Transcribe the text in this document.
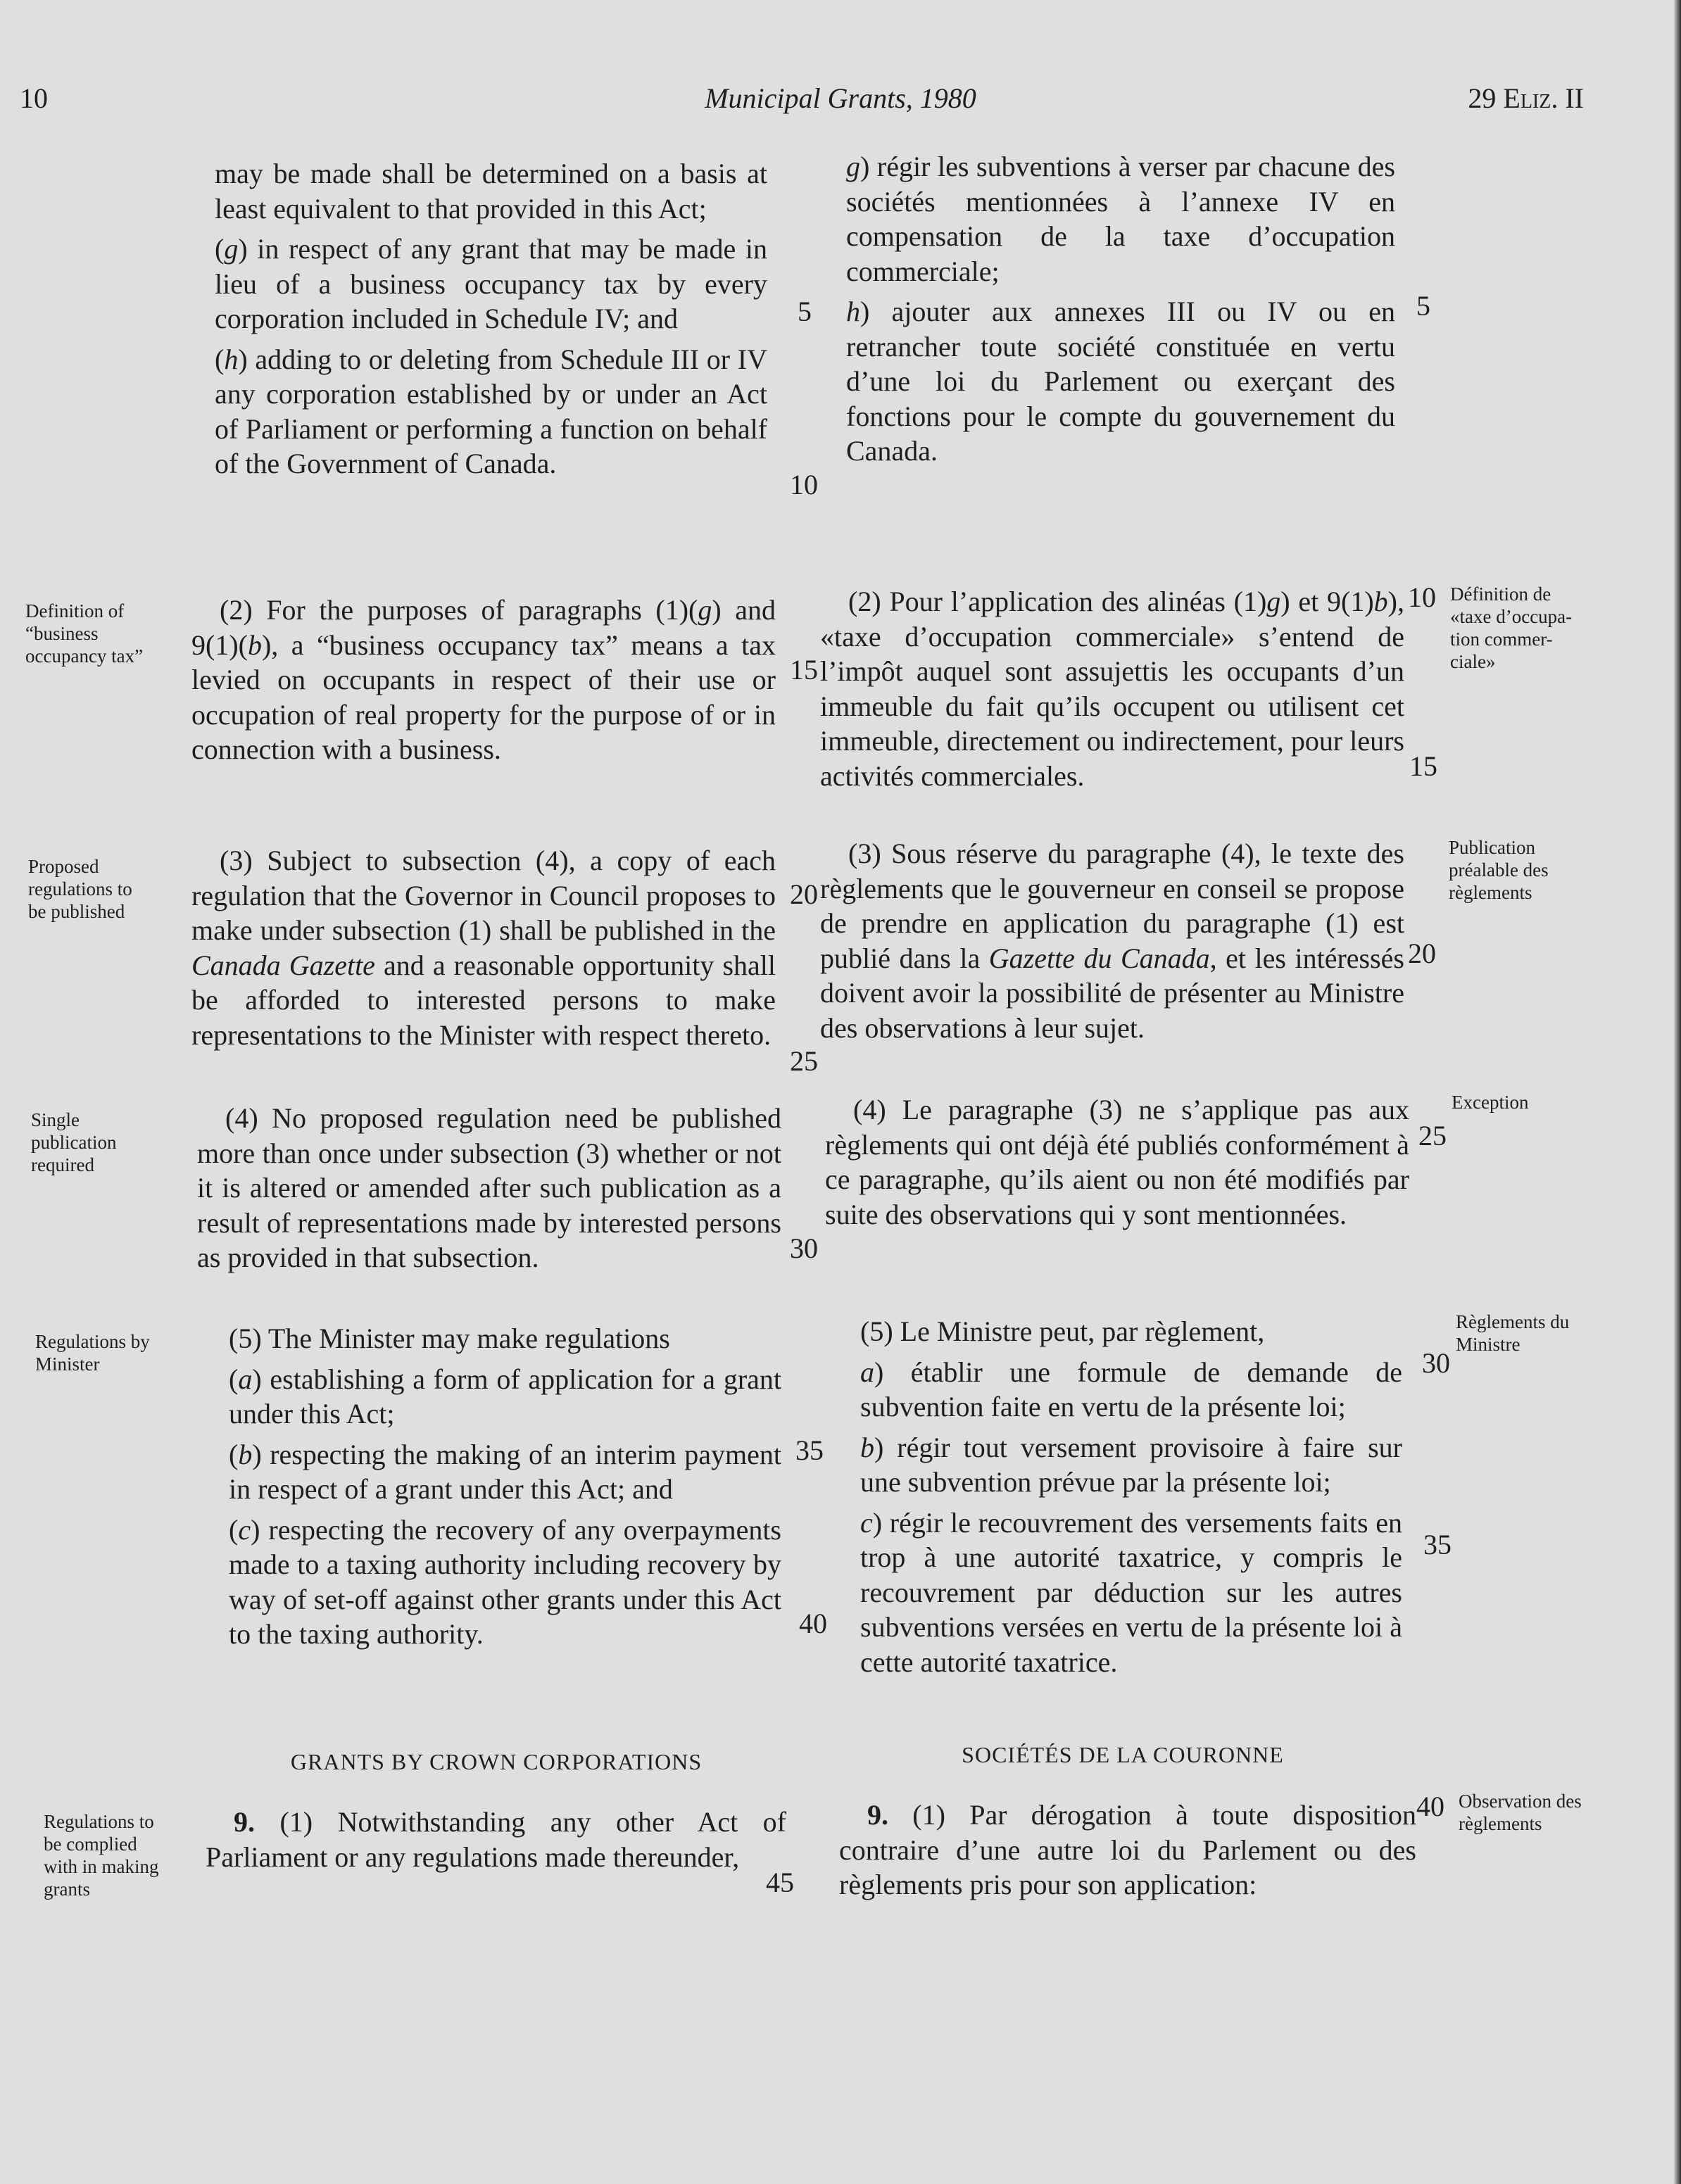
10	Municipal Grants, 1980	29 Eliz. II

may be made shall be determined on a basis at least equivalent to that provided in this Act;

(g) in respect of any grant that may be made in lieu of a business occupancy tax by every corporation included in Schedule IV; and

(h) adding to or deleting from Schedule III or IV any corporation established by or under an Act of Parliament or performing a function on behalf of the Government of Canada.

(2) For the purposes of paragraphs (1)(g) and 9(1)(b), a “business occupancy tax” means a tax levied on occupants in respect of their use or occupation of real property for the purpose of or in connection with a business.
(3) Subject to subsection (4), a copy of each regulation that the Governor in Council proposes to make under subsection (1) shall be published in the Canada Gazette and a reasonable opportunity shall be afforded to interested persons to make representations to the Minister with respect thereto.
(4) No proposed regulation need be published more than once under subsection (3) whether or not it is altered or amended after such publication as a result of representations made by interested persons as provided in that subsection.

(5) The Minister may make regulations

(a) establishing a form of application for a grant under this Act;

(b) respecting the making of an interim payment in respect of a grant under this Act; and

(c) respecting the recovery of any overpayments made to a taxing authority including recovery by way of set-off against other grants under this Act to the taxing authority.

GRANTS BY CROWN CORPORATIONS
9. (1) Notwithstanding any other Act of Parliament or any regulations made thereunder,

g) régir les subventions à verser par chacune des sociétés mentionnées à l’annexe IV en compensation de la taxe d’occupation commerciale;

h) ajouter aux annexes III ou IV ou en retrancher toute société constituée en vertu d’une loi du Parlement ou exerçant des fonctions pour le compte du gouvernement du Canada.

(2) Pour l’application des alinéas (1)g) et 9(1)b), «taxe d’occupation commerciale» s’entend de l’impôt auquel sont assujettis les occupants d’un immeuble du fait qu’ils occupent ou utilisent cet immeuble, directement ou indirectement, pour leurs activités commerciales.
(3) Sous réserve du paragraphe (4), le texte des règlements que le gouverneur en conseil se propose de prendre en application du paragraphe (1) est publié dans la Gazette du Canada, et les intéressés doivent avoir la possibilité de présenter au Ministre des observations à leur sujet.
(4) Le paragraphe (3) ne s’applique pas aux règlements qui ont déjà été publiés conformément à ce paragraphe, qu’ils aient ou non été modifiés par suite des observations qui y sont mentionnées.

(5) Le Ministre peut, par règlement,

a) établir une formule de demande de subvention faite en vertu de la présente loi;

b) régir tout versement provisoire à faire sur une subvention prévue par la présente loi;

c) régir le recouvrement des versements faits en trop à une autorité taxatrice, y compris le recouvrement par déduction sur les autres subventions versées en vertu de la présente loi à cette autorité taxatrice.

SOCIÉTÉS DE LA COURONNE
9. (1) Par dérogation à toute disposition contraire d’une autre loi du Parlement ou des règlements pris pour son application:
5
10
15
20
25
30
35
40
45
5
10
15
20
25
30
35
40
Definition of
“business
occupancy tax”
Proposed
regulations to
be published
Single
publication
required
Regulations by
Minister
Regulations to
be complied
with in making
grants
Définition de
«taxe d’occupa-
tion commer-
ciale»
Publication
préalable des
règlements
Exception
Règlements du
Ministre
Observation des
règlements
